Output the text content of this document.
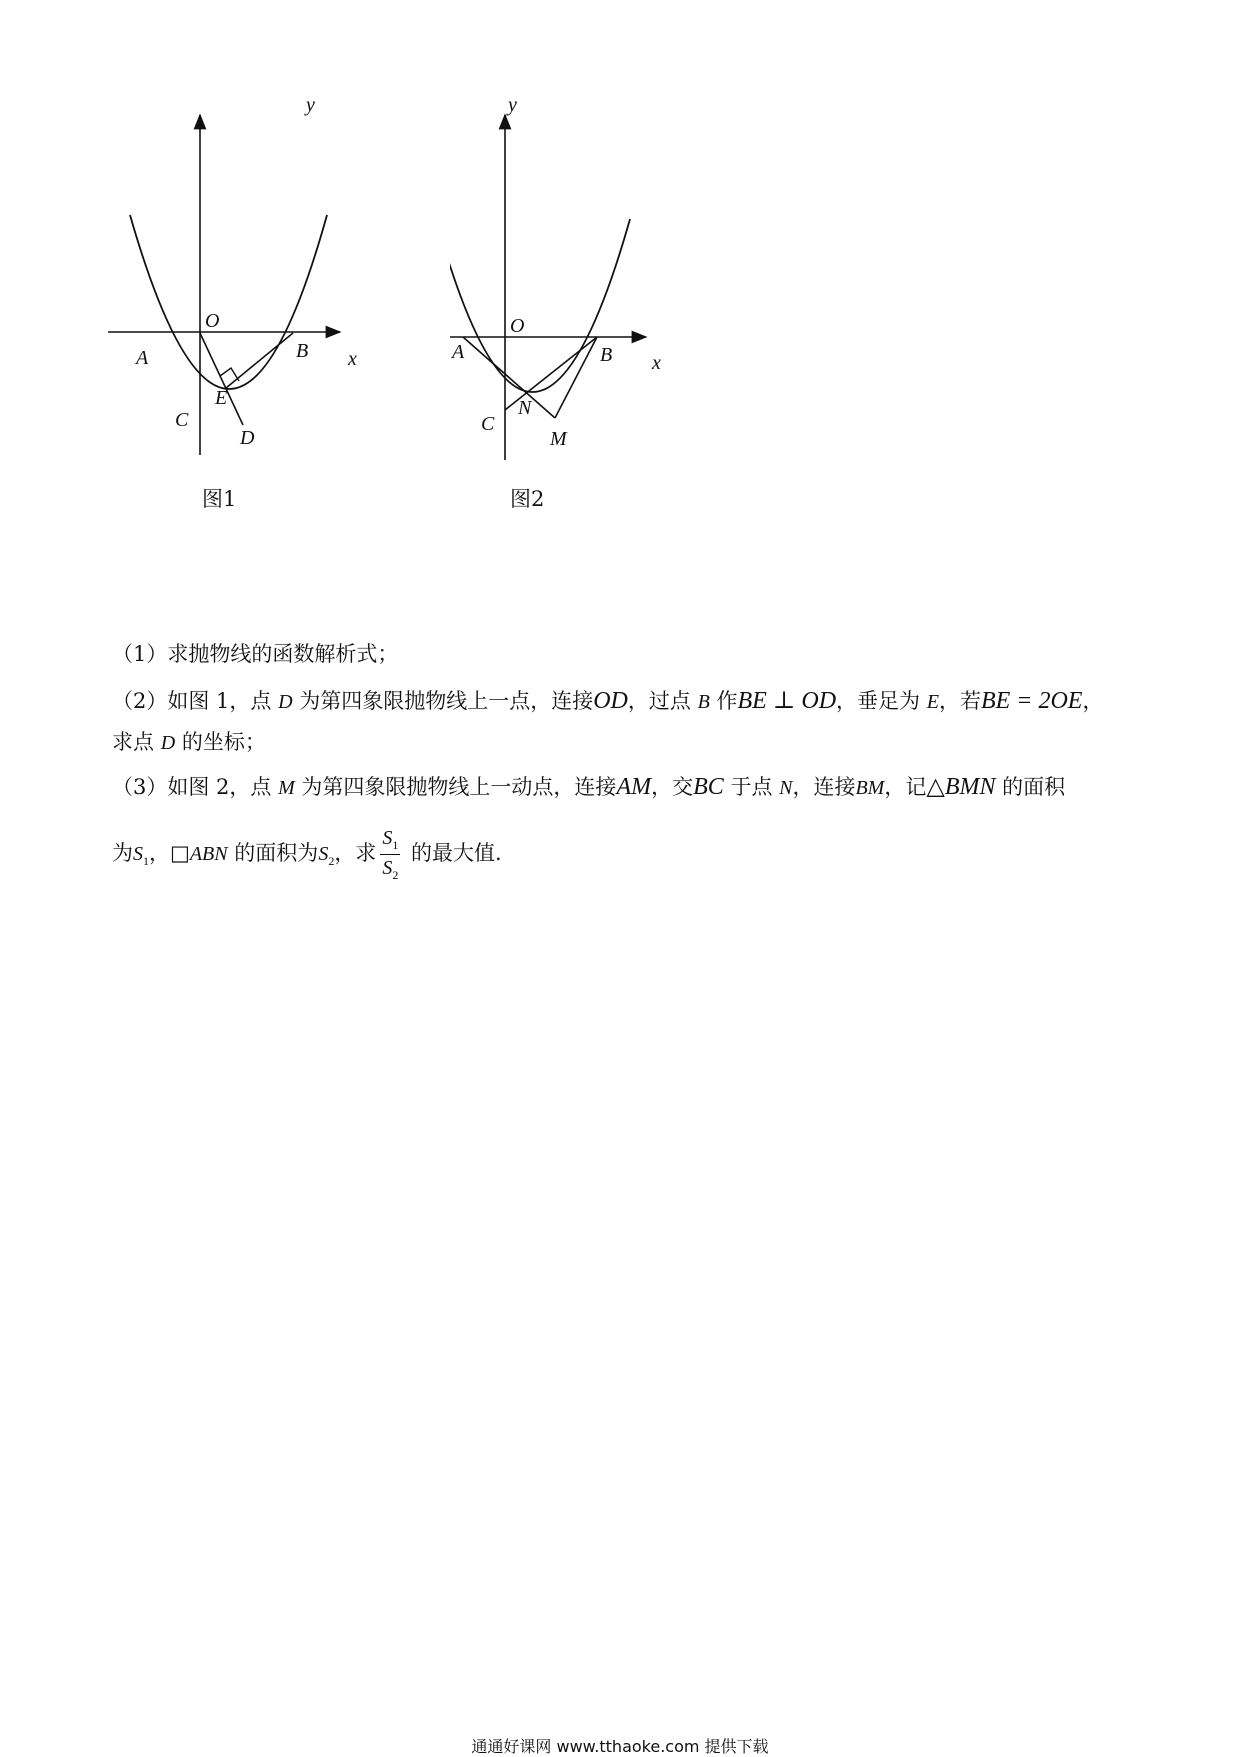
y
O
A	B x
C
E
D
图1
y
O
A	B x
C
N
M
图2
（1）求抛物线的函数解析式；
（2）如图 1，点 D 为第四象限抛物线上一点，连接OD，过点 B 作BE ⊥ OD，垂足为 E，若BE = 2OE，
求点 D 的坐标；
（3）如图 2，点 M 为第四象限抛物线上一动点，连接AM，交BC 于点 N，连接BM，记△BMN 的面积
为$S_1$，□ABN 的面积为$S_2$，求 $\frac{S_1}{S_2}$ 的最大值.
通通好课网 www.tthaoke.com 提供下载
